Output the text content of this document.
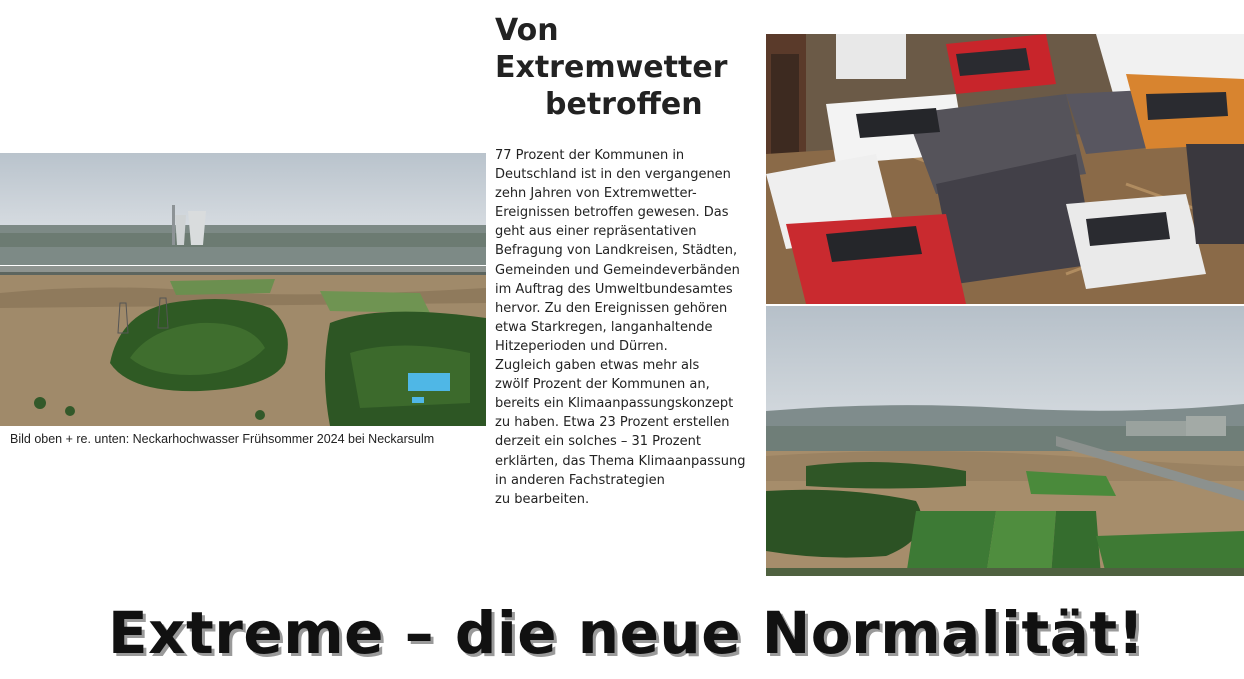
Bild oben + re. unten: Neckarhochwasser Frühsommer 2024 bei Neckarsulm
Von
Extremwetter
betroffen

77 Prozent der Kommunen in

Deutschland ist in den vergangenen

zehn Jahren von Extremwetter-

Ereignissen betroffen gewesen. Das

geht aus einer repräsentativen

Befragung von Landkreisen, Städten,

Gemeinden und Gemeindeverbänden

im Auftrag des Umweltbundesamtes

hervor. Zu den Ereignissen gehören

etwa Starkregen, langanhaltende

Hitzeperioden und Dürren.

Zugleich gaben etwas mehr als

zwölf Prozent der Kommunen an,

bereits ein Klimaanpassungskonzept

zu haben. Etwa 23 Prozent erstellen

derzeit ein solches – 31 Prozent

erklärten, das Thema Klimaanpassung

in anderen Fachstrategien

zu bearbeiten.

Extreme – die neue Normalität!
